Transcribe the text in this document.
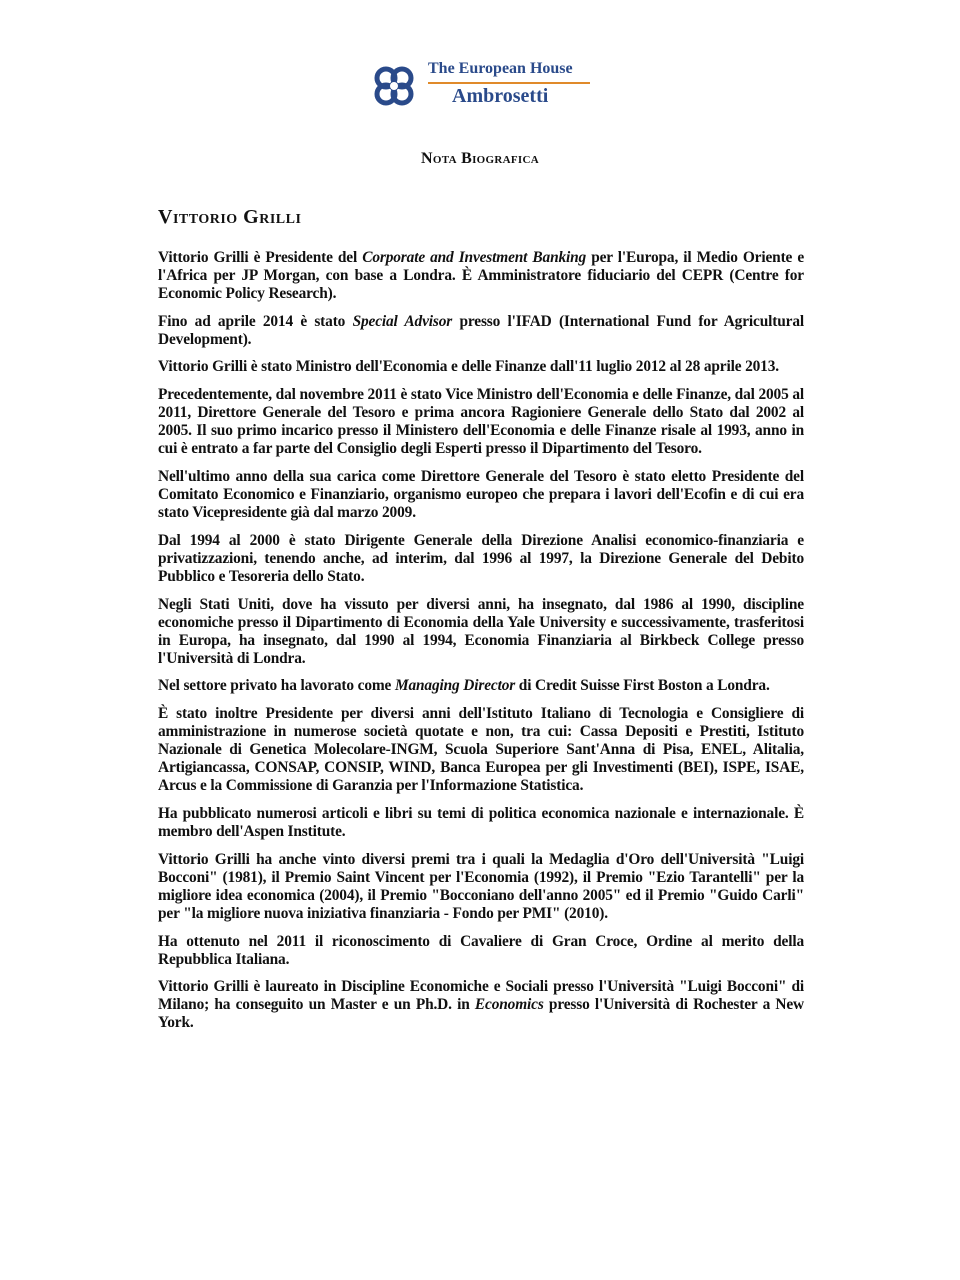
The European House
Ambrosetti
Nota Biografica
Vittorio Grilli

Vittorio Grilli è Presidente del Corporate and Investment Banking per l'Europa, il Medio Oriente e l'Africa per JP Morgan, con base a Londra. È Amministratore fiduciario del CEPR (Centre for Economic Policy Research).

Fino ad aprile 2014 è stato Special Advisor presso l'IFAD (International Fund for Agricultural Development).

Vittorio Grilli è stato Ministro dell'Economia e delle Finanze dall'11 luglio 2012 al 28 aprile 2013.

Precedentemente, dal novembre 2011 è stato Vice Ministro dell'Economia e delle Finanze, dal 2005 al 2011, Direttore Generale del Tesoro e prima ancora Ragioniere Generale dello Stato dal 2002 al 2005. Il suo primo incarico presso il Ministero dell'Economia e delle Finanze risale al 1993, anno in cui è entrato a far parte del Consiglio degli Esperti presso il Dipartimento del Tesoro.

Nell'ultimo anno della sua carica come Direttore Generale del Tesoro è stato eletto Presidente del Comitato Economico e Finanziario, organismo europeo che prepara i lavori dell'Ecofin e di cui era stato Vicepresidente già dal marzo 2009.

Dal 1994 al 2000 è stato Dirigente Generale della Direzione Analisi economico-finanziaria e privatizzazioni, tenendo anche, ad interim, dal 1996 al 1997, la Direzione Generale del Debito Pubblico e Tesoreria dello Stato.

Negli Stati Uniti, dove ha vissuto per diversi anni, ha insegnato, dal 1986 al 1990, discipline economiche presso il Dipartimento di Economia della Yale University e successivamente, trasferitosi in Europa, ha insegnato, dal 1990 al 1994, Economia Finanziaria al Birkbeck College presso l'Università di Londra.

Nel settore privato ha lavorato come Managing Director di Credit Suisse First Boston a Londra.

È stato inoltre Presidente per diversi anni dell'Istituto Italiano di Tecnologia e Consigliere di amministrazione in numerose società quotate e non, tra cui: Cassa Depositi e Prestiti, Istituto Nazionale di Genetica Molecolare-INGM, Scuola Superiore Sant'Anna di Pisa, ENEL, Alitalia, Artigiancassa, CONSAP, CONSIP, WIND, Banca Europea per gli Investimenti (BEI), ISPE, ISAE, Arcus e la Commissione di Garanzia per l'Informazione Statistica.

Ha pubblicato numerosi articoli e libri su temi di politica economica nazionale e internazionale. È membro dell'Aspen Institute.

Vittorio Grilli ha anche vinto diversi premi tra i quali la Medaglia d'Oro dell'Università "Luigi Bocconi" (1981), il Premio Saint Vincent per l'Economia (1992), il Premio "Ezio Tarantelli" per la migliore idea economica (2004), il Premio "Bocconiano dell'anno 2005" ed il Premio "Guido Carli" per "la migliore nuova iniziativa finanziaria - Fondo per PMI" (2010).

Ha ottenuto nel 2011 il riconoscimento di Cavaliere di Gran Croce, Ordine al merito della Repubblica Italiana.

Vittorio Grilli è laureato in Discipline Economiche e Sociali presso l'Università "Luigi Bocconi" di Milano; ha conseguito un Master e un Ph.D. in Economics presso l'Università di Rochester a New York.
